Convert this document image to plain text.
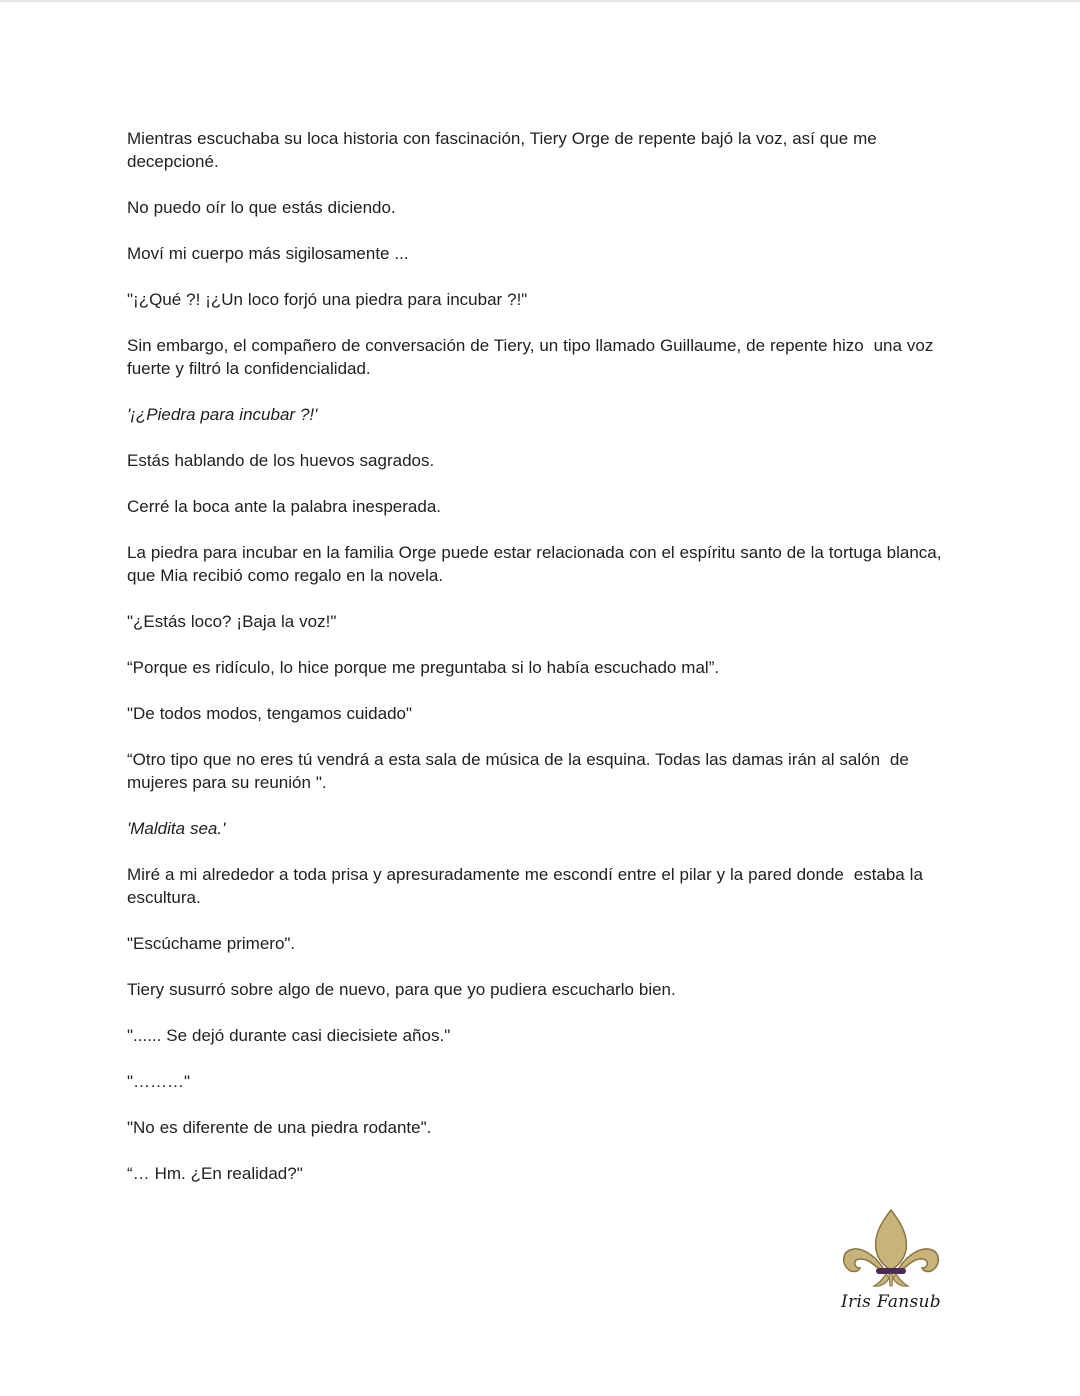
Mientras escuchaba su loca historia con fascinación, Tiery Orge de repente bajó la voz, así que me decepcioné.

No puedo oír lo que estás diciendo.

Moví mi cuerpo más sigilosamente ...

"¡¿Qué ?! ¡¿Un loco forjó una piedra para incubar ?!"

Sin embargo, el compañero de conversación de Tiery, un tipo llamado Guillaume, de repente hizo  una voz fuerte y filtró la confidencialidad.

'¡¿Piedra para incubar ?!'

Estás hablando de los huevos sagrados.

Cerré la boca ante la palabra inesperada.

La piedra para incubar en la familia Orge puede estar relacionada con el espíritu santo de la tortuga blanca, que Mia recibió como regalo en la novela.

"¿Estás loco? ¡Baja la voz!"

“Porque es ridículo, lo hice porque me preguntaba si lo había escuchado mal”.

"De todos modos, tengamos cuidado"

“Otro tipo que no eres tú vendrá a esta sala de música de la esquina. Todas las damas irán al salón  de mujeres para su reunión ".

'Maldita sea.'

Miré a mi alrededor a toda prisa y apresuradamente me escondí entre el pilar y la pared donde  estaba la escultura.

"Escúchame primero".

Tiery susurró sobre algo de nuevo, para que yo pudiera escucharlo bien.

"...... Se dejó durante casi diecisiete años."

"………"

"No es diferente de una piedra rodante".

“… Hm. ¿En realidad?"

Iris Fansub
